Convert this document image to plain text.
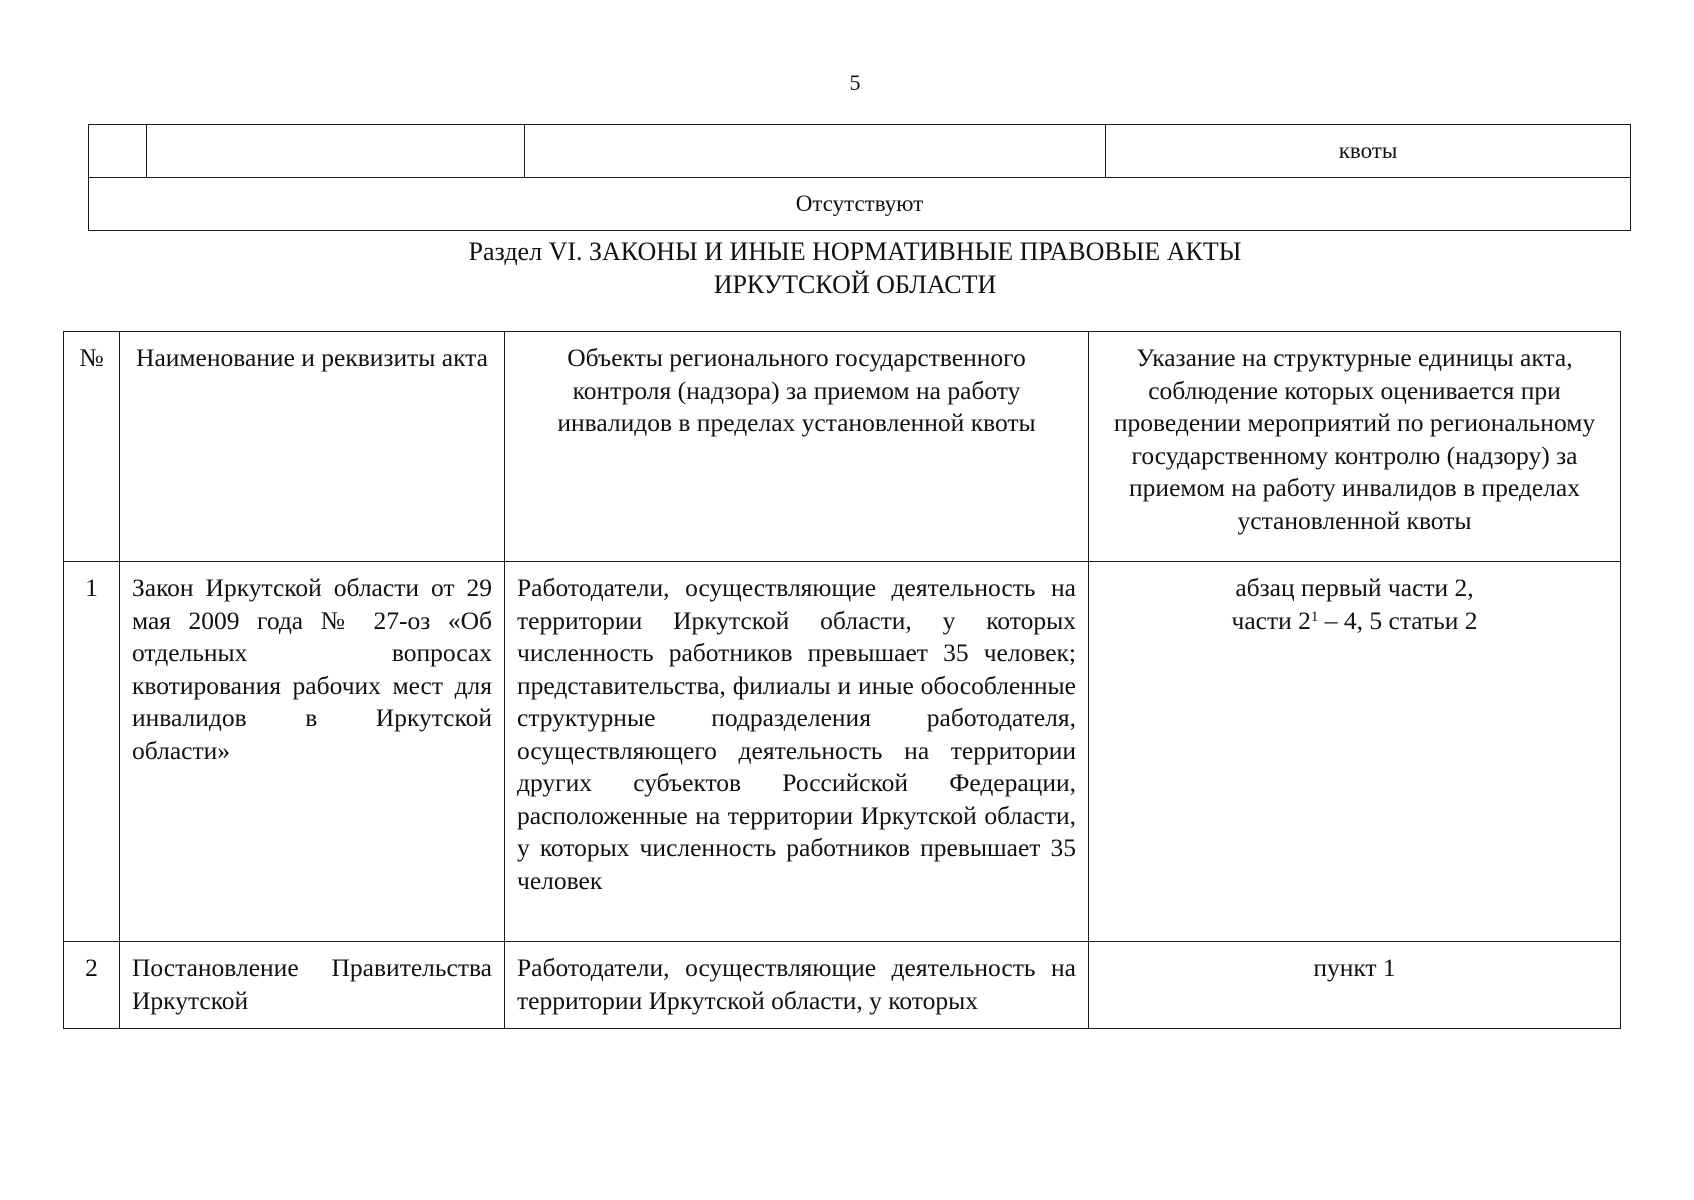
5
			квоты
Отсутствуют
Раздел VI. ЗАКОНЫ И ИНЫЕ НОРМАТИВНЫЕ ПРАВОВЫЕ АКТЫ
ИРКУТСКОЙ ОБЛАСТИ
№	Наименование и реквизиты акта	Объекты регионального государственного контроля (надзора) за приемом на работу инвалидов в пределах установленной квоты	Указание на структурные единицы акта, соблюдение которых оценивается при проведении мероприятий по региональному государственному контролю (надзору) за приемом на работу инвалидов в пределах установленной квоты
1	Закон Иркутской области от 29 мая 2009 года № 27-оз «Об отдельных вопросах квотирования рабочих мест для инвалидов в Иркутской области»	Работодатели, осуществляющие деятельность на территории Иркутской области, у которых численность работников превышает 35 человек; представительства, филиалы и иные обособленные структурные подразделения работодателя, осуществляющего деятельность на территории других субъектов Российской Федерации, расположенные на территории Иркутской области, у которых численность работников превышает 35 человек	абзац первый части 2,
части $2^1 - 4$, 5 статьи 2

2	Постановление Правительства Иркутской	Работодатели, осуществляющие деятельность на территории Иркутской области, у которых	пункт 1
